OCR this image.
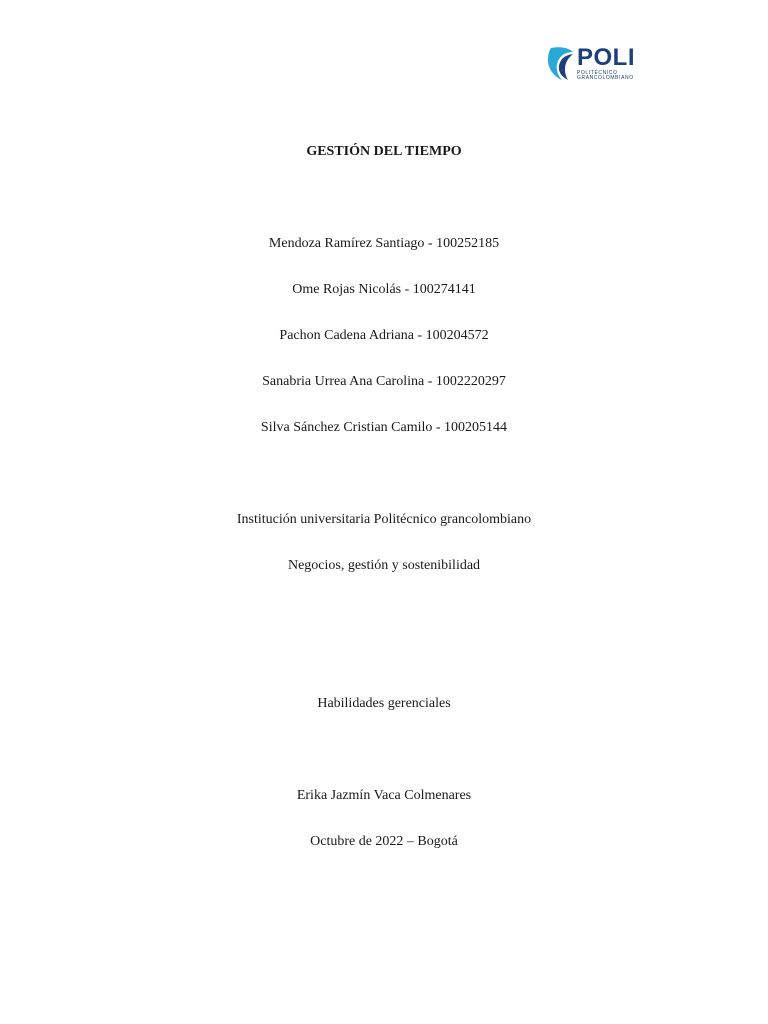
POLI
POLITÉCNICO
GRANCOLOMBIANO
GESTIÓN DEL TIEMPO
Mendoza Ramírez Santiago - 100252185
Ome Rojas Nicolás - 100274141
Pachon Cadena Adriana - 100204572
Sanabria Urrea Ana Carolina - 1002220297
Silva Sánchez Cristian Camilo - 100205144
Institución universitaria Politécnico grancolombiano
Negocios, gestión y sostenibilidad
Habilidades gerenciales
Erika Jazmín Vaca Colmenares
Octubre de 2022 – Bogotá
